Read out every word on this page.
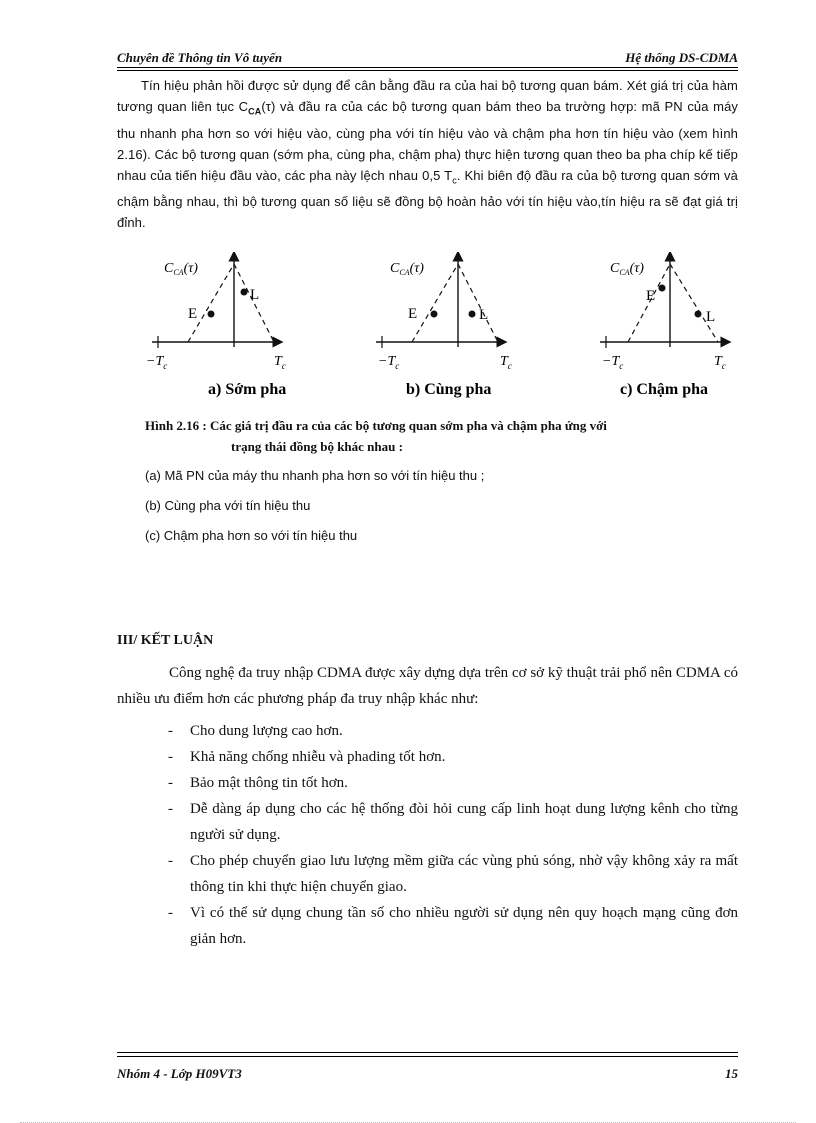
Chuyên đề Thông tin Vô tuyến	Hệ thống DS-CDMA
Tín hiệu phản hồi được sử dụng để cân bằng đầu ra của hai bộ tương quan bám. Xét giá trị của hàm tương quan liên tục $C_{CA}(\tau)$ và đầu ra của các bộ tương quan bám theo ba trường hợp: mã PN của máy thu nhanh pha hơn so với hiệu vào, cùng pha với tín hiệu vào và chậm pha hơn tín hiệu vào (xem hình 2.16). Các bộ tương quan (sớm pha, cùng pha, chậm pha) thực hiện tương quan theo ba pha chíp kế tiếp nhau của tiến hiệu đầu vào, các pha này lệch nhau 0,5 $T_c$. Khi biên độ đầu ra của bộ tương quan sớm và chậm bằng nhau, thì bộ tương quan số liệu sẽ đồng bộ hoàn hảo với tín hiệu vào,tín hiệu ra sẽ đạt giá trị đỉnh.
E
L
$C_{CA}(\tau)$
$-T_c$	$T_c$
a) Sớm pha
E	L
$C_{CA}(\tau)$
$-T_c$	$T_c$
b) Cùng pha
E
L
$C_{CA}(\tau)$
$-T_c$	$T_c$
c) Chậm pha
Hình 2.16 : Các giá trị đầu ra của các bộ tương quan sớm pha và chậm pha ứng với
trạng thái đồng bộ khác nhau :
(a) Mã PN của máy thu nhanh pha hơn so với tín hiệu thu ;
(b) Cùng pha với tín hiệu thu
(c) Chậm pha hơn so với tín hiệu thu
III/ KẾT LUẬN
Công nghệ đa truy nhập CDMA được xây dựng dựa trên cơ sở kỹ thuật trải phổ nên CDMA có nhiều ưu điểm hơn các phương pháp đa truy nhập khác như:
- Cho dung lượng cao hơn.
- Khả năng chống nhiễu và phading tốt hơn.
- Bảo mật thông tin tốt hơn.
- Dễ dàng áp dụng cho các hệ thống đòi hỏi cung cấp linh hoạt dung lượng kênh cho từng người sử dụng.
- Cho phép chuyển giao lưu lượng mềm giữa các vùng phủ sóng, nhờ vậy không xảy ra mất thông tin khi thực hiện chuyển giao.
- Vì có thể sử dụng chung tần số cho nhiều người sử dụng nên quy hoạch mạng cũng đơn giản hơn.
Nhóm 4 - Lớp H09VT3	15
